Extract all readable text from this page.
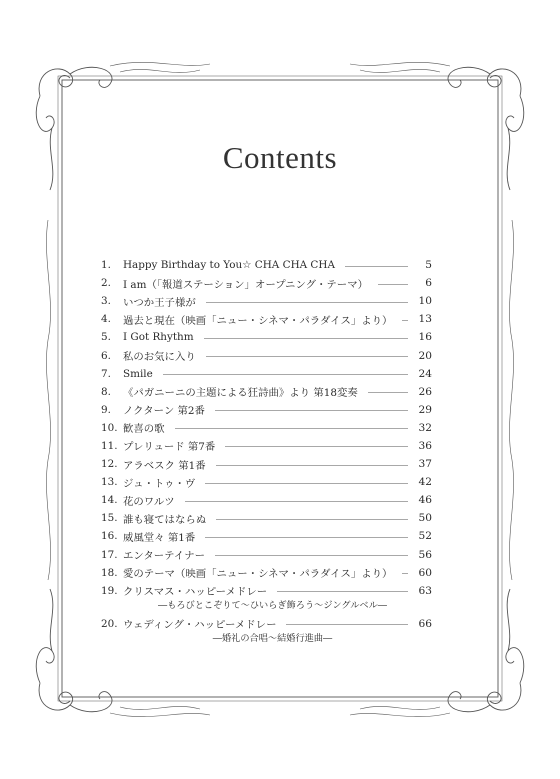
Contents
1.	Happy Birthday to You☆ CHA CHA CHA	5
2.	I am（「報道ステーション」オープニング・テーマ）	6
3.	いつか王子様が	10
4.	過去と現在（映画「ニュー・シネマ・パラダイス」より）	13
5.	I Got Rhythm	16
6.	私のお気に入り	20
7.	Smile	24
8.	《パガニーニの主題による狂詩曲》より 第18変奏	26
9.	ノクターン 第2番	29
10. 歓喜の歌	32
11. プレリュード 第7番	36
12. アラベスク 第1番	37
13. ジュ・トゥ・ヴ	42
14. 花のワルツ	46
15. 誰も寝てはならぬ	50
16. 威風堂々 第1番	52
17. エンターテイナー	56
18. 愛のテーマ（映画「ニュー・シネマ・パラダイス」より）	60
19. クリスマス・ハッピーメドレー	63
―もろびとこぞりて～ひいらぎ飾ろう～ジングルベル―
20. ウェディング・ハッピーメドレー	66
―婚礼の合唱～結婚行進曲―
